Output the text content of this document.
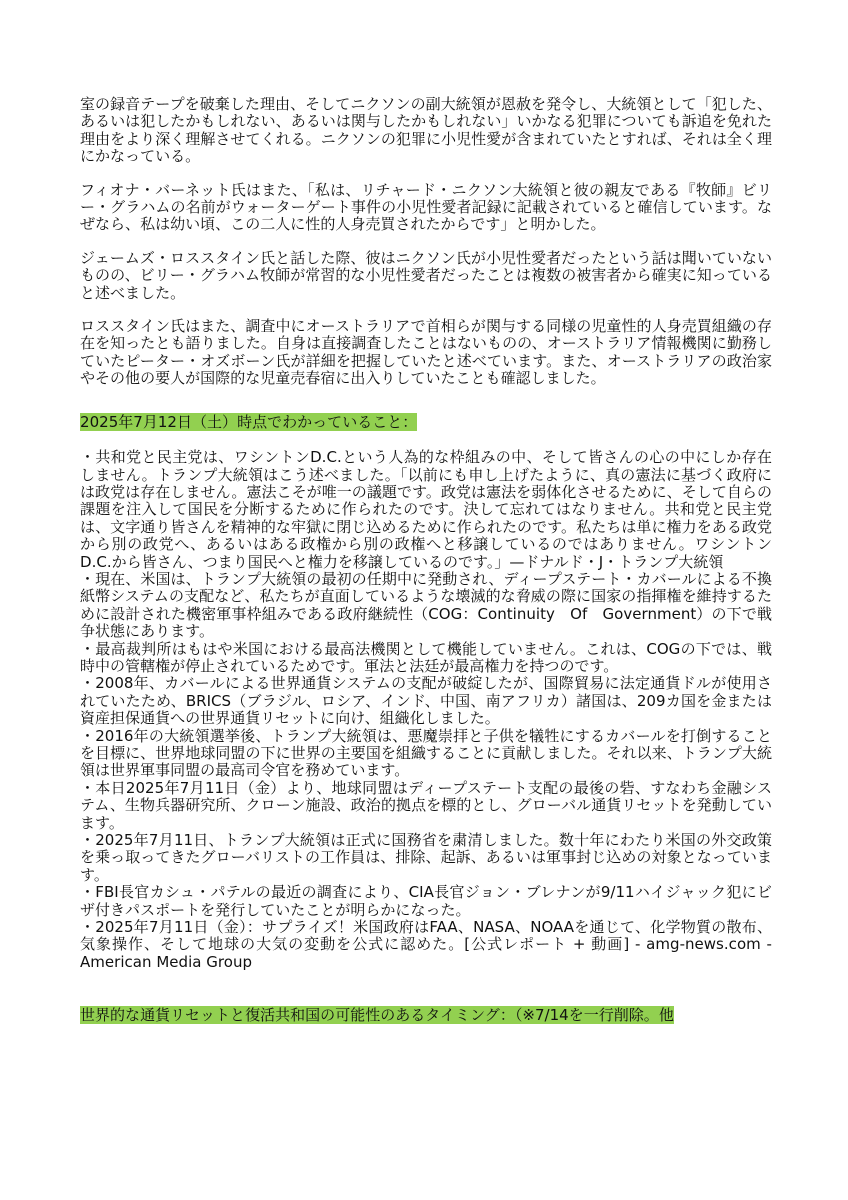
室の録音テープを破棄した理由、そしてニクソンの副大統領が恩赦を発令し、大統領として「犯した、あるいは犯したかもしれない、あるいは関与したかもしれない」いかなる犯罪についても訴追を免れた理由をより深く理解させてくれる。ニクソンの犯罪に小児性愛が含まれていたとすれば、それは全く理にかなっている。

フィオナ・バーネット氏はまた、「私は、リチャード・ニクソン大統領と彼の親友である『牧師』ビリー・グラハムの名前がウォーターゲート事件の小児性愛者記録に記載されていると確信しています。なぜなら、私は幼い頃、この二人に性的人身売買されたからです」と明かした。

ジェームズ・ロススタイン氏と話した際、彼はニクソン氏が小児性愛者だったという話は聞いていないものの、ビリー・グラハム牧師が常習的な小児性愛者だったことは複数の被害者から確実に知っていると述べました。

ロススタイン氏はまた、調査中にオーストラリアで首相らが関与する同様の児童性的人身売買組織の存在を知ったとも語りました。自身は直接調査したことはないものの、オーストラリア情報機関に勤務していたピーター・オズボーン氏が詳細を把握していたと述べています。また、オーストラリアの政治家やその他の要人が国際的な児童売春宿に出入りしていたことも確認しました。

2025年7月12日（土）時点でわかっていること：

・共和党と民主党は、ワシントンD.C.という人為的な枠組みの中、そして皆さんの心の中にしか存在しません。トランプ大統領はこう述べました。「以前にも申し上げたように、真の憲法に基づく政府には政党は存在しません。憲法こそが唯一の議題です。政党は憲法を弱体化させるために、そして自らの課題を注入して国民を分断するために作られたのです。決して忘れてはなりません。共和党と民主党は、文字通り皆さんを精神的な牢獄に閉じ込めるために作られたのです。私たちは単に権力をある政党から別の政党へ、あるいはある政権から別の政権へと移譲しているのではありません。ワシントンD.C.から皆さん、つまり国民へと権力を移譲しているのです。」—ドナルド・J・トランプ大統領

・現在、米国は、トランプ大統領の最初の任期中に発動され、ディープステート・カバールによる不換紙幣システムの支配など、私たちが直面しているような壊滅的な脅威の際に国家の指揮権を維持するために設計された機密軍事枠組みである政府継続性（COG：Continuity　Of　Government）の下で戦争状態にあります。

・最高裁判所はもはや米国における最高法機関として機能していません。これは、COGの下では、戦時中の管轄権が停止されているためです。軍法と法廷が最高権力を持つのです。

・2008年、カバールによる世界通貨システムの支配が破綻したが、国際貿易に法定通貨ドルが使用されていたため、BRICS（ブラジル、ロシア、インド、中国、南アフリカ）諸国は、209カ国を金または資産担保通貨への世界通貨リセットに向け、組織化しました。

・2016年の大統領選挙後、トランプ大統領は、悪魔崇拝と子供を犠牲にするカバールを打倒することを目標に、世界地球同盟の下に世界の主要国を組織することに貢献しました。それ以来、トランプ大統領は世界軍事同盟の最高司令官を務めています。

・本日2025年7月11日（金）より、地球同盟はディープステート支配の最後の砦、すなわち金融システム、生物兵器研究所、クローン施設、政治的拠点を標的とし、グローバル通貨リセットを発動しています。

・2025年7月11日、トランプ大統領は正式に国務省を粛清しました。数十年にわたり米国の外交政策を乗っ取ってきたグローバリストの工作員は、排除、起訴、あるいは軍事封じ込めの対象となっています。

・FBI長官カシュ・パテルの最近の調査により、CIA長官ジョン・ブレナンが9/11ハイジャック犯にビザ付きパスポートを発行していたことが明らかになった。

・2025年7月11日（金）：サプライズ！米国政府はFAA、NASA、NOAAを通じて、化学物質の散布、気象操作、そして地球の大気の変動を公式に認めた。[公式レポート + 動画] - amg-news.com - American Media Group

世界的な通貨リセットと復活共和国の可能性のあるタイミング：（※7/14を一行削除。他
